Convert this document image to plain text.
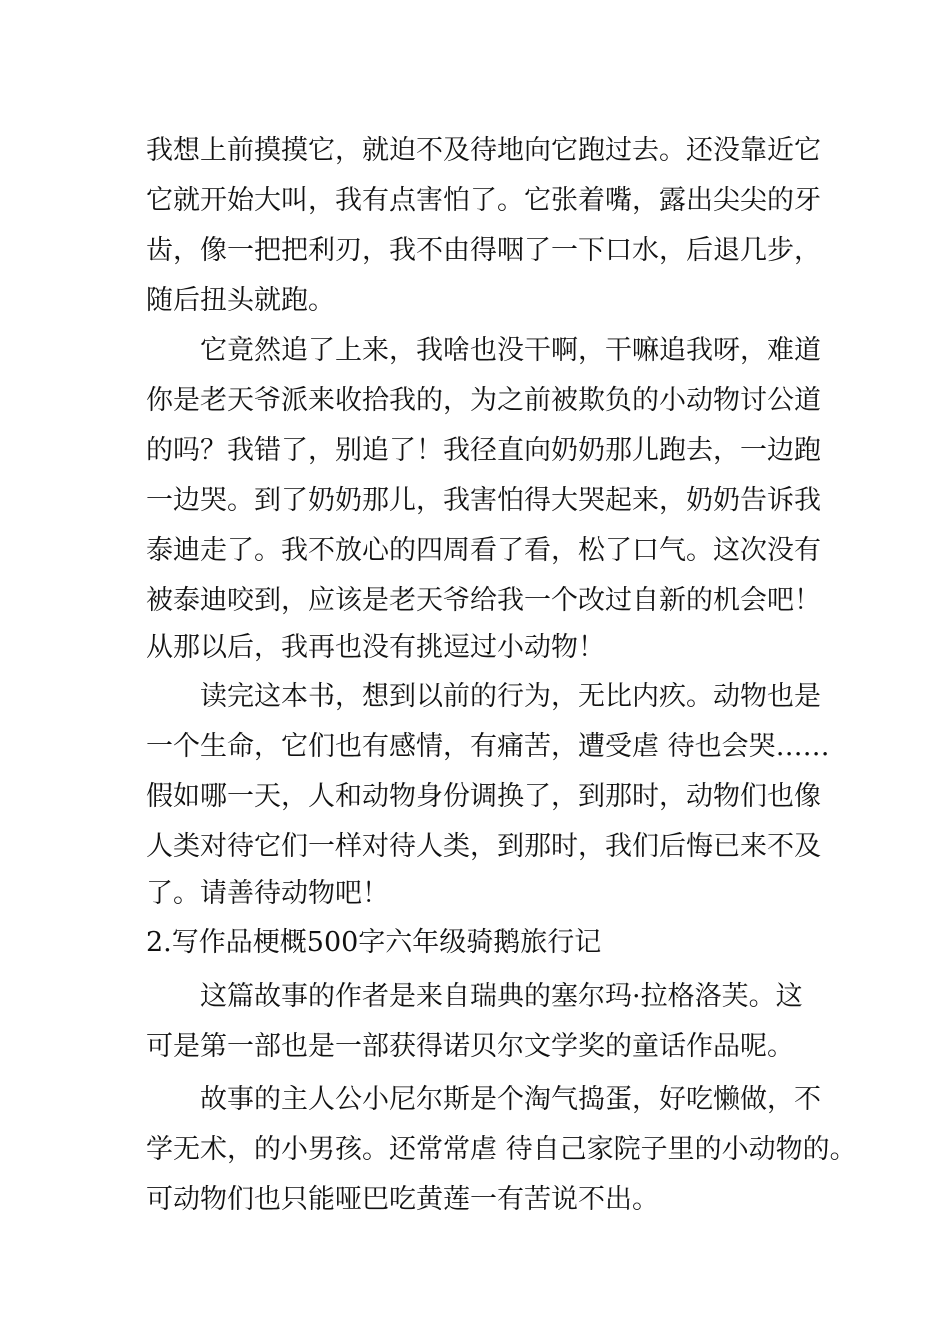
我想上前摸摸它，就迫不及待地向它跑过去。还没靠近它

它就开始大叫，我有点害怕了。它张着嘴，露出尖尖的牙

齿，像一把把利刃，我不由得咽了一下口水，后退几步，

随后扭头就跑。

它竟然追了上来，我啥也没干啊，干嘛追我呀，难道

你是老天爷派来收拾我的，为之前被欺负的小动物讨公道

的吗？我错了，别追了！我径直向奶奶那儿跑去，一边跑

一边哭。到了奶奶那儿，我害怕得大哭起来，奶奶告诉我

泰迪走了。我不放心的四周看了看，松了口气。这次没有

被泰迪咬到，应该是老天爷给我一个改过自新的机会吧！

从那以后，我再也没有挑逗过小动物！

读完这本书，想到以前的行为，无比内疚。动物也是

一个生命，它们也有感情，有痛苦，遭受虐 待也会哭……

假如哪一天，人和动物身份调换了，到那时，动物们也像

人类对待它们一样对待人类，到那时，我们后悔已来不及

了。请善待动物吧！

2.写作品梗概500字六年级骑鹅旅行记

这篇故事的作者是来自瑞典的塞尔玛·拉格洛芙。这

可是第一部也是一部获得诺贝尔文学奖的童话作品呢。

故事的主人公小尼尔斯是个淘气捣蛋，好吃懒做，不

学无术，的小男孩。还常常虐 待自己家院子里的小动物的。

可动物们也只能哑巴吃黄莲一有苦说不出。
